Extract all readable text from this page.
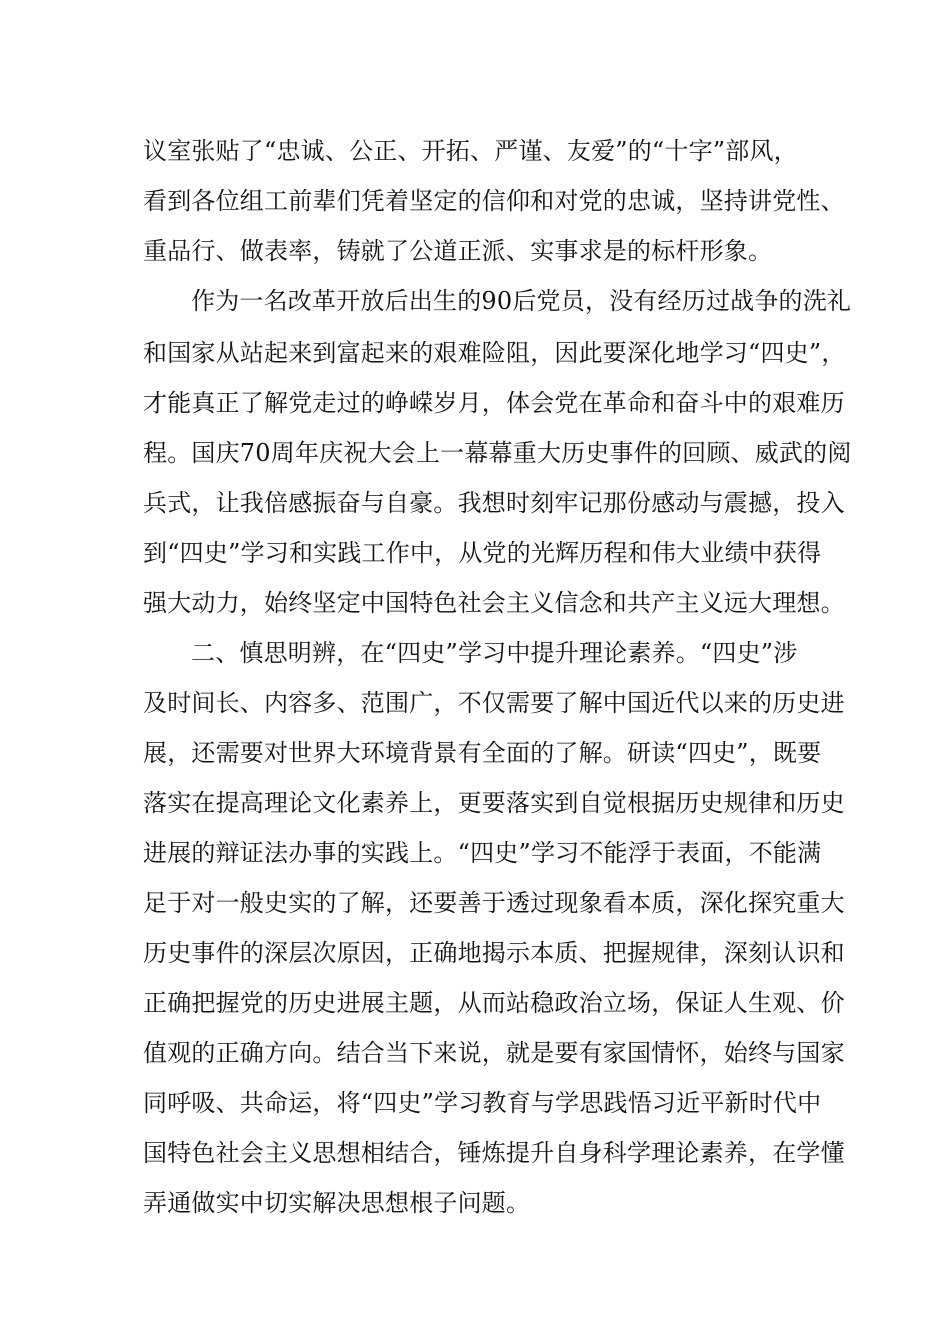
议室张贴了“忠诚、公正、开拓、严谨、友爱”的“十字”部风，
看到各位组工前辈们凭着坚定的信仰和对党的忠诚，坚持讲党性、
重品行、做表率，铸就了公道正派、实事求是的标杆形象。
作为一名改革开放后出生的90后党员，没有经历过战争的洗礼
和国家从站起来到富起来的艰难险阻，因此要深化地学习“四史”，
才能真正了解党走过的峥嵘岁月，体会党在革命和奋斗中的艰难历
程。国庆70周年庆祝大会上一幕幕重大历史事件的回顾、威武的阅
兵式，让我倍感振奋与自豪。我想时刻牢记那份感动与震撼，投入
到“四史”学习和实践工作中，从党的光辉历程和伟大业绩中获得
强大动力，始终坚定中国特色社会主义信念和共产主义远大理想。
二、慎思明辨，在“四史”学习中提升理论素养。“四史”涉
及时间长、内容多、范围广，不仅需要了解中国近代以来的历史进
展，还需要对世界大环境背景有全面的了解。研读“四史”，既要
落实在提高理论文化素养上，更要落实到自觉根据历史规律和历史
进展的辩证法办事的实践上。“四史”学习不能浮于表面，不能满
足于对一般史实的了解，还要善于透过现象看本质，深化探究重大
历史事件的深层次原因，正确地揭示本质、把握规律，深刻认识和
正确把握党的历史进展主题，从而站稳政治立场，保证人生观、价
值观的正确方向。结合当下来说，就是要有家国情怀，始终与国家
同呼吸、共命运，将“四史”学习教育与学思践悟习近平新时代中
国特色社会主义思想相结合，锤炼提升自身科学理论素养，在学懂
弄通做实中切实解决思想根子问题。
